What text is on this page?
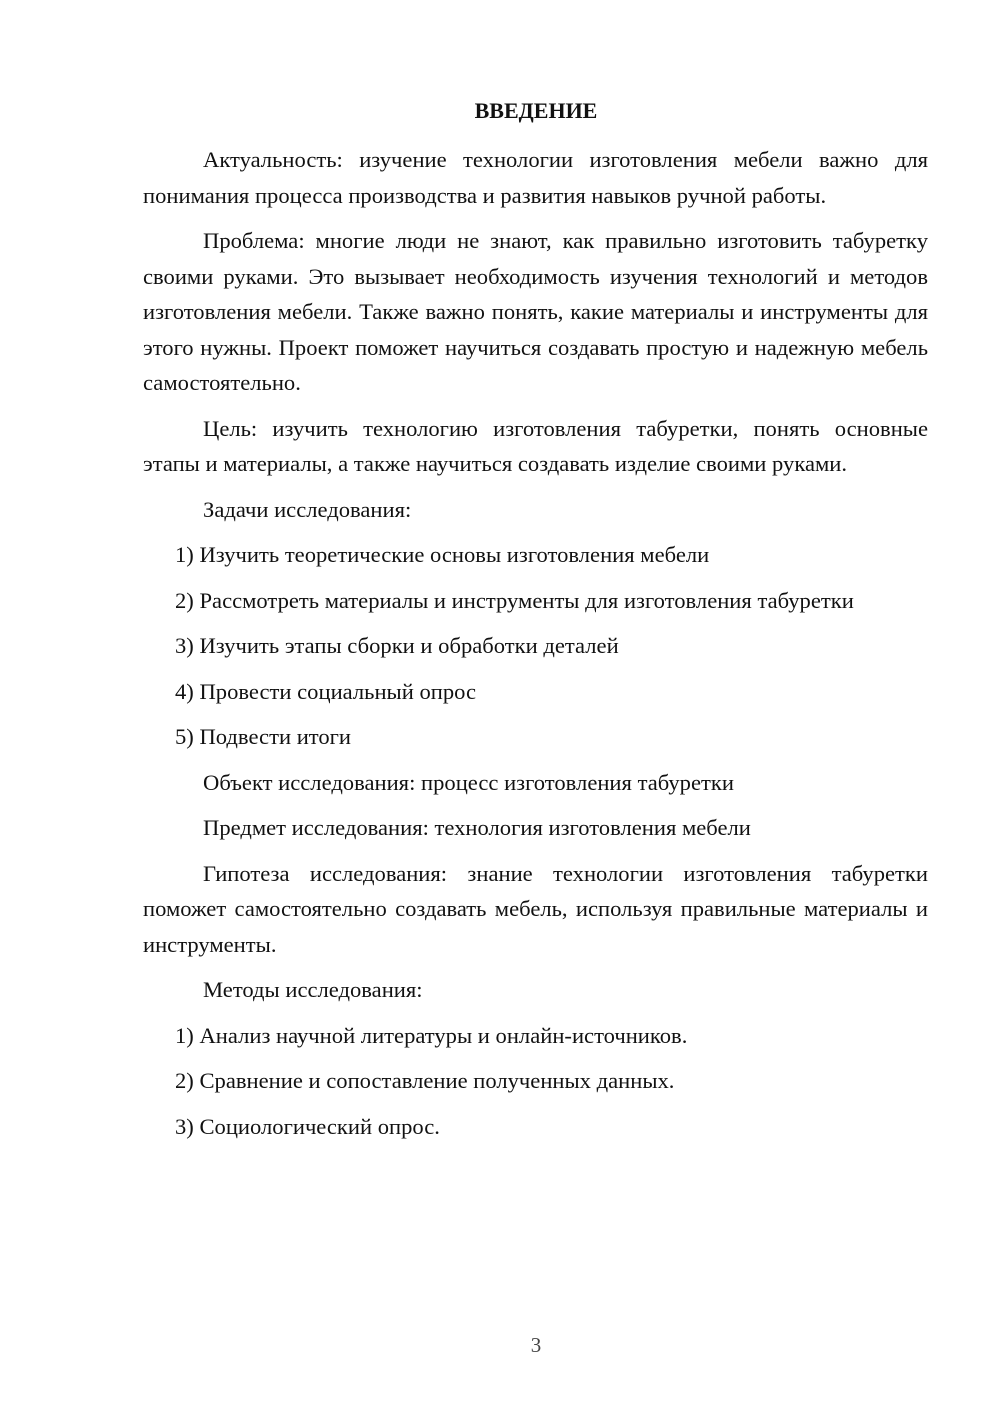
ВВЕДЕНИЕ

Актуальность: изучение технологии изготовления мебели важно для понимания процесса производства и развития навыков ручной работы.

Проблема: многие люди не знают, как правильно изготовить табуретку своими руками. Это вызывает необходимость изучения технологий и методов изготовления мебели. Также важно понять, какие материалы и инструменты для этого нужны. Проект поможет научиться создавать простую и надежную мебель самостоятельно.

Цель: изучить технологию изготовления табуретки, понять основные этапы и материалы, а также научиться создавать изделие своими руками.

Задачи исследования:

1) Изучить теоретические основы изготовления мебели

2) Рассмотреть материалы и инструменты для изготовления табуретки

3) Изучить этапы сборки и обработки деталей

4) Провести социальный опрос

5) Подвести итоги

Объект исследования: процесс изготовления табуретки

Предмет исследования: технология изготовления мебели

Гипотеза исследования: знание технологии изготовления табуретки поможет самостоятельно создавать мебель, используя правильные материалы и инструменты.

Методы исследования:

1) Анализ научной литературы и онлайн-источников.

2) Сравнение и сопоставление полученных данных.

3) Социологический опрос.

3
